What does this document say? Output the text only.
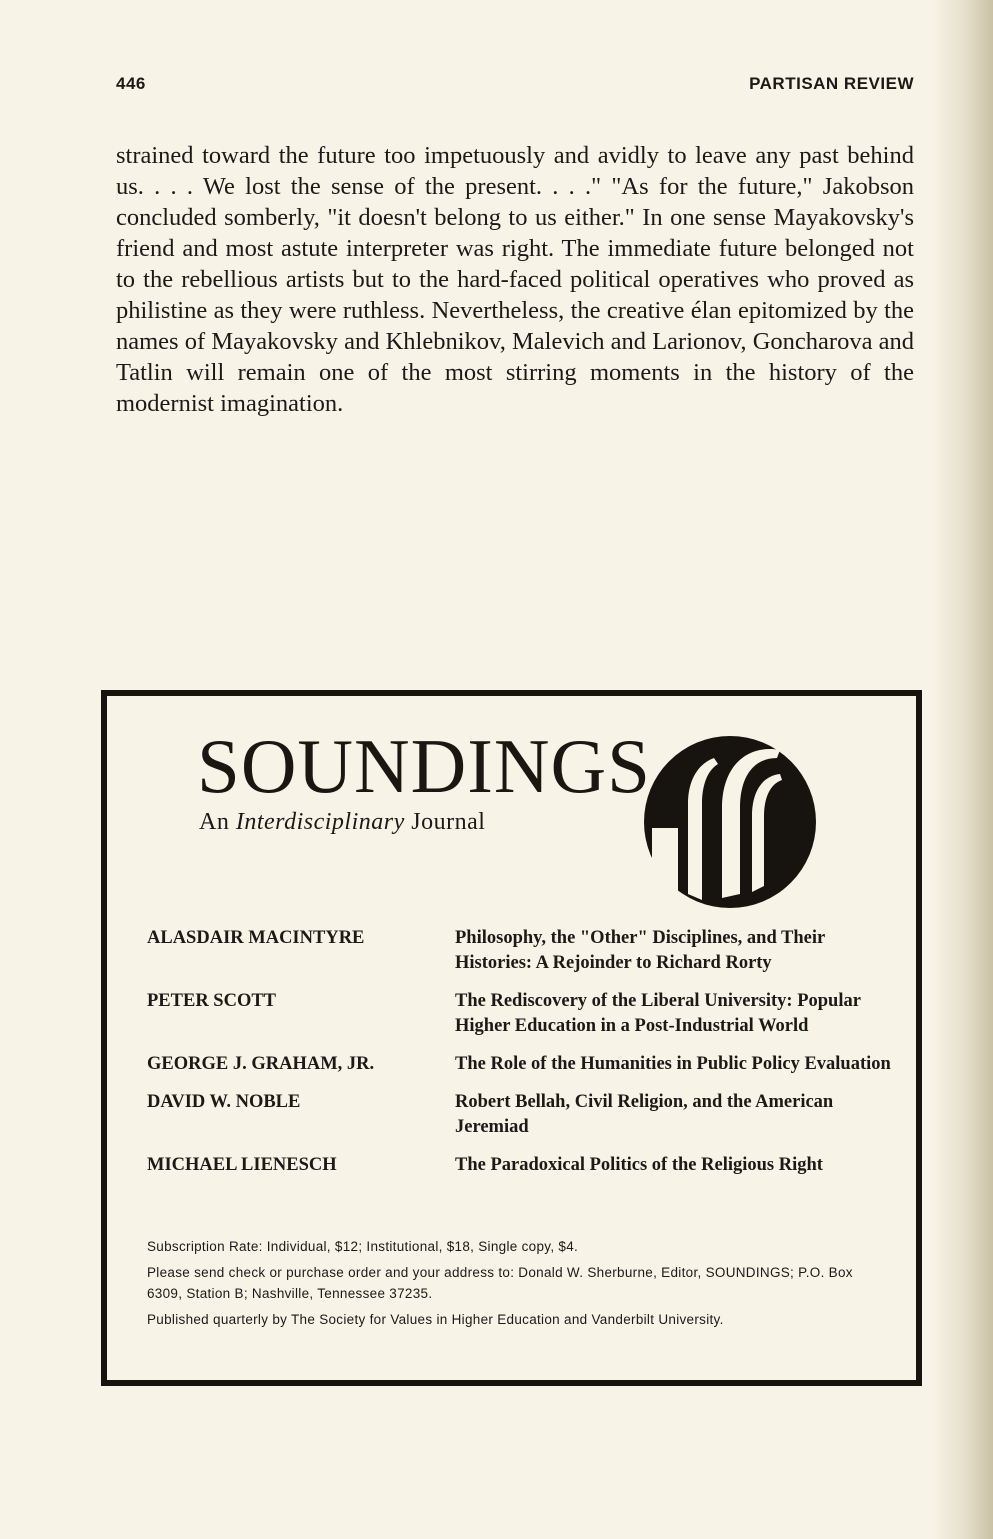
446	PARTISAN REVIEW

strained toward the future too impetuously and avidly to leave any past behind us. . . . We lost the sense of the present. . . ." "As for the future," Jakobson concluded somberly, "it doesn't belong to us either." In one sense Mayakovsky's friend and most astute interpreter was right. The immediate future belonged not to the rebellious artists but to the hard-faced political operatives who proved as philistine as they were ruthless. Nevertheless, the creative élan epitomized by the names of Mayakovsky and Khlebnikov, Malevich and Larionov, Goncharova and Tatlin will remain one of the most stirring moments in the history of the modernist imagination.

SOUNDINGS
An Interdisciplinary Journal
ALASDAIR MACINTYRE	Philosophy, the "Other" Disciplines, and Their Histories: A Rejoinder to Richard Rorty
PETER SCOTT	The Rediscovery of the Liberal University: Popular Higher Education in a Post-Industrial World
GEORGE J. GRAHAM, JR.	The Role of the Humanities in Public Policy Evaluation
DAVID W. NOBLE	Robert Bellah, Civil Religion, and the American Jeremiad
MICHAEL LIENESCH	The Paradoxical Politics of the Religious Right

Subscription Rate: Individual, $12; Institutional, $18, Single copy, $4.

Please send check or purchase order and your address to: Donald W. Sherburne, Editor, SOUNDINGS; P.O. Box 6309, Station B; Nashville, Tennessee 37235.

Published quarterly by The Society for Values in Higher Education and Vanderbilt University.
